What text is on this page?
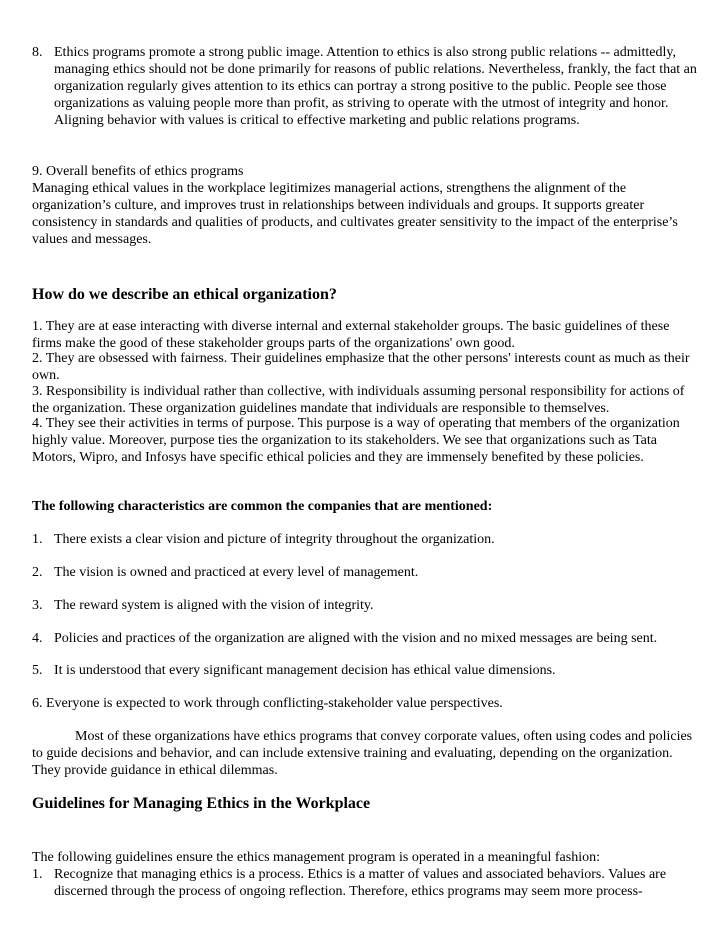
8. Ethics programs promote a strong public image. Attention to ethics is also strong public relations -- admittedly, managing ethics should not be done primarily for reasons of public relations. Nevertheless, frankly, the fact that an organization regularly gives attention to its ethics can portray a strong positive to the public. People see those organizations as valuing people more than profit, as striving to operate with the utmost of integrity and honor. Aligning behavior with values is critical to effective marketing and public relations programs.

9. Overall benefits of ethics programs

Managing ethical values in the workplace legitimizes managerial actions, strengthens the alignment of the organization’s culture, and improves trust in relationships between individuals and groups. It supports greater consistency in standards and qualities of products, and cultivates greater sensitivity to the impact of the enterprise’s values and messages.

How do we describe an ethical organization?

1. They are at ease interacting with diverse internal and external stakeholder groups. The basic guidelines of these firms make the good of these stakeholder groups parts of the organizations' own good.

2. They are obsessed with fairness. Their guidelines emphasize that the other persons' interests count as much as their own.

3. Responsibility is individual rather than collective, with individuals assuming personal responsibility for actions of the organization. These organization guidelines mandate that individuals are responsible to themselves.

4. They see their activities in terms of purpose. This purpose is a way of operating that members of the organization highly value. Moreover, purpose ties the organization to its stakeholders. We see that organizations such as Tata Motors, Wipro, and Infosys have specific ethical policies and they are immensely benefited by these policies.

The following characteristics are common the companies that are mentioned:

1. There exists a clear vision and picture of integrity throughout the organization.

2. The vision is owned and practiced at every level of management.

3. The reward system is aligned with the vision of integrity.

4. Policies and practices of the organization are aligned with the vision and no mixed messages are being sent.

5. It is understood that every significant management decision has ethical value dimensions.

6. Everyone is expected to work through conflicting-stakeholder value perspectives.

Most of these organizations have ethics programs that convey corporate values, often using codes and policies to guide decisions and behavior, and can include extensive training and evaluating, depending on the organization. They provide guidance in ethical dilemmas.

Guidelines for Managing Ethics in the Workplace

The following guidelines ensure the ethics management program is operated in a meaningful fashion:

1. Recognize that managing ethics is a process. Ethics is a matter of values and associated behaviors. Values are discerned through the process of ongoing reflection. Therefore, ethics programs may seem more process-
